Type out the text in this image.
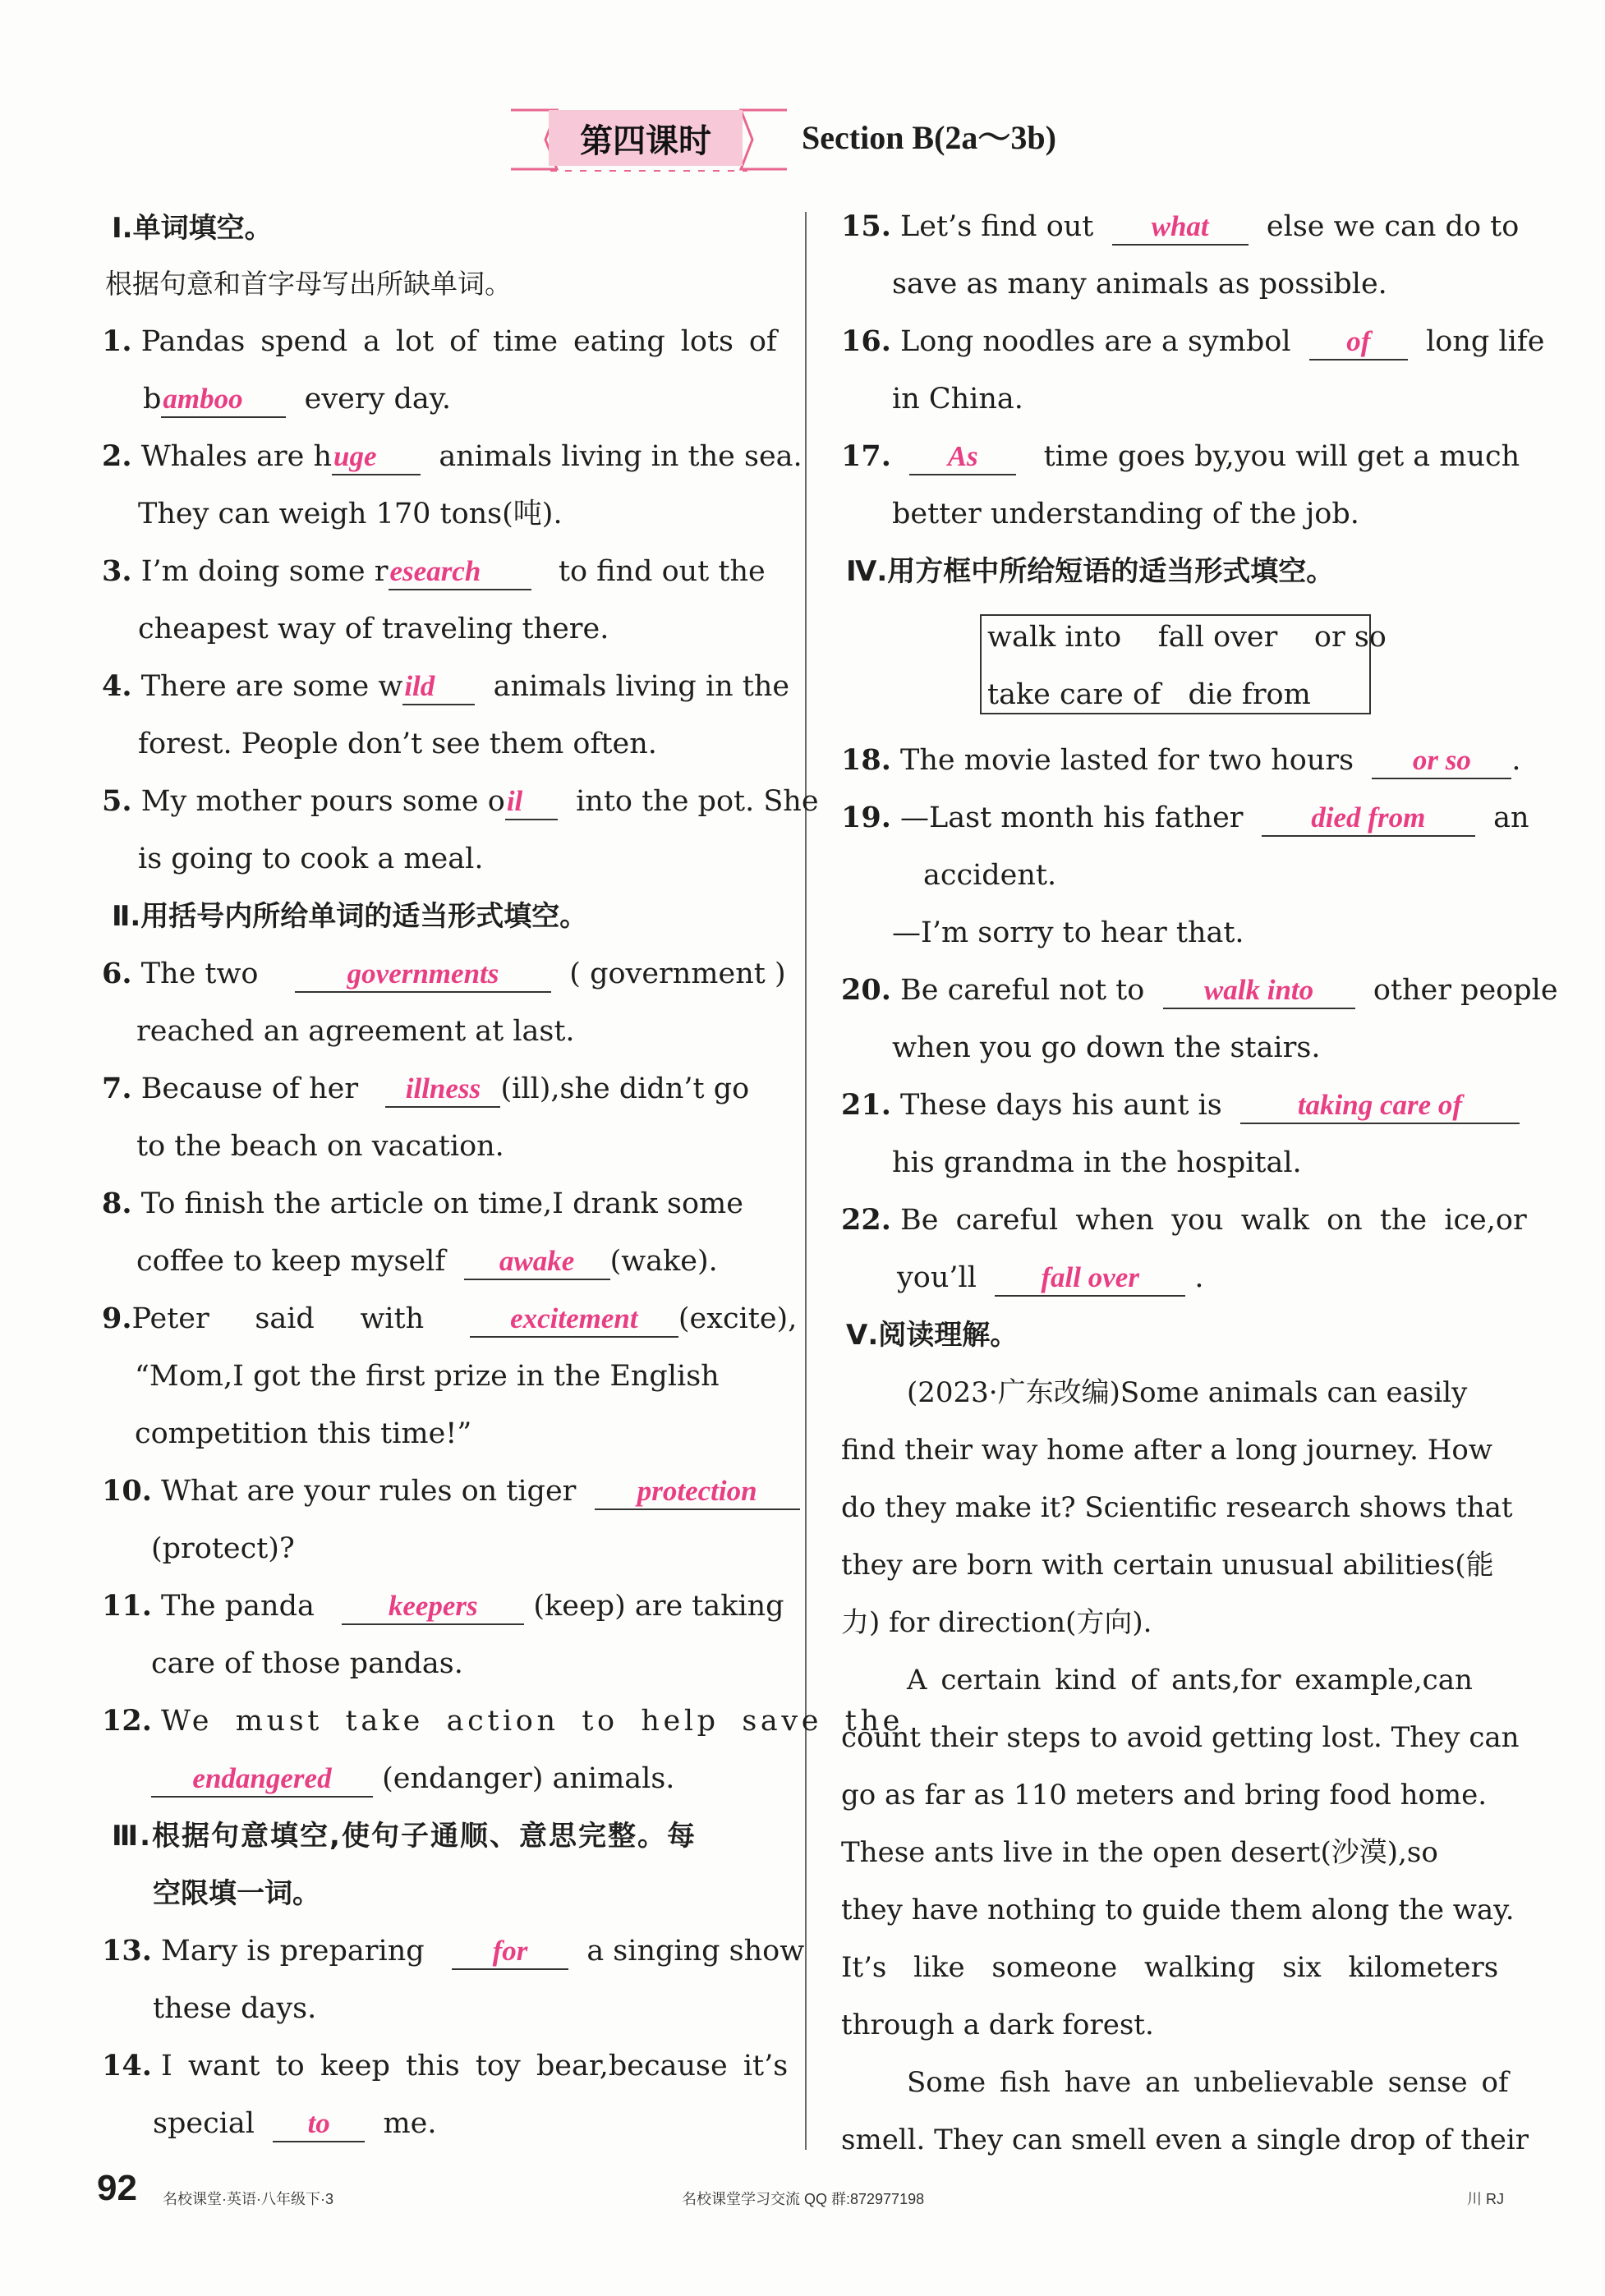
第四课时	Section B(2a～3b)
Ⅰ.单词填空。
根据句意和首字母写出所缺单词。
1. Pandas spend a lot of time eating lots of
bamboo every day.
2. Whales are huge animals living in the sea.
They can weigh 170 tons(吨).
3. I’m doing some research	to find out the
cheapest way of traveling there.
4. There are some wild animals living in the
forest. People don’t see them often.
5. My mother pours some oil into the pot. She
is going to cook a meal.
Ⅱ.用括号内所给单词的适当形式填空。
6. The two	governments ( government )
reached an agreement at last.
7. Because of her illness (ill),she didn’t go
to the beach on vacation.
8. To finish the article on time,I drank some
coffee to keep myself awake (wake).
9.Peter said with	excitement (excite),
“Mom,I got the first prize in the English
competition this time!”
10. What are your rules on tiger protection
(protect)?
11. The panda	keepers (keep) are taking
care of those pandas.
12. We must take action to help save the
endangered (endanger) animals.
Ⅲ.根据句意填空,使句子通顺、意思完整。每
空限填一词。
13. Mary is preparing for a singing show
these days.
14. I want to keep this toy bear,because it’s
special to me.
15. Let’s find out what else we can do to
save as many animals as possible.
16. Long noodles are a symbol of long life
in China.
17. As time goes by,you will get a much
better understanding of the job.
Ⅳ.用方框中所给短语的适当形式填空。
walk into fall over or so
take care of die from
18. The movie lasted for two hours or so .
19. —Last month his father died from an
accident.
—I’m sorry to hear that.
20. Be careful not to walk into other people
when you go down the stairs.
21. These days his aunt is	taking care of
his grandma in the hospital.
22. Be careful when you walk on the ice,or
you’ll fall over .
Ⅴ.阅读理解。
(2023·广东改编)Some animals can easily
find their way home after a long journey. How
do they make it? Scientific research shows that
they are born with certain unusual abilities(能
力) for direction(方向).
A certain kind of ants,for example,can
count their steps to avoid getting lost. They can
go as far as 110 meters and bring food home.
These ants live in the open desert(沙漠),so
they have nothing to guide them along the way.
It’s like someone walking six kilometers
through a dark forest.
Some fish have an unbelievable sense of
smell. They can smell even a single drop of their
92 名校课堂·英语·八年级下·3	名校课堂学习交流 QQ 群:872977198	川 RJ
